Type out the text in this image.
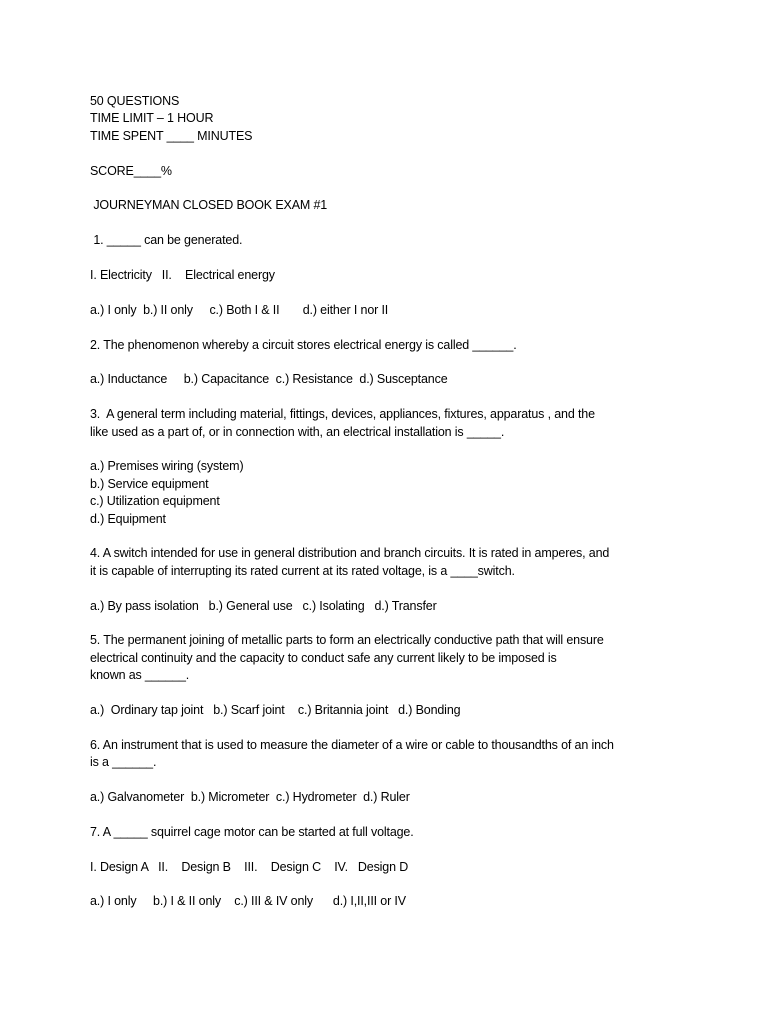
50 QUESTIONS

TIME LIMIT – 1 HOUR

TIME SPENT ____ MINUTES

SCORE____%

JOURNEYMAN CLOSED BOOK EXAM #1

1. _____ can be generated.

I. Electricity   II.    Electrical energy

a.) I only  b.) II only     c.) Both I & II       d.) either I nor II

2. The phenomenon whereby a circuit stores electrical energy is called ______.

a.) Inductance     b.) Capacitance  c.) Resistance  d.) Susceptance

3.  A general term including material, fittings, devices, appliances, fixtures, apparatus , and the

like used as a part of, or in connection with, an electrical installation is _____.

a.) Premises wiring (system)

b.) Service equipment

c.) Utilization equipment

d.) Equipment

4. A switch intended for use in general distribution and branch circuits. It is rated in amperes, and

it is capable of interrupting its rated current at its rated voltage, is a ____switch.

a.) By pass isolation   b.) General use   c.) Isolating   d.) Transfer

5. The permanent joining of metallic parts to form an electrically conductive path that will ensure

electrical continuity and the capacity to conduct safe any current likely to be imposed is

known as ______.

a.)  Ordinary tap joint   b.) Scarf joint    c.) Britannia joint   d.) Bonding

6. An instrument that is used to measure the diameter of a wire or cable to thousandths of an inch

is a ______.

a.) Galvanometer  b.) Micrometer  c.) Hydrometer  d.) Ruler

7. A _____ squirrel cage motor can be started at full voltage.

I. Design A   II.    Design B    III.    Design C    IV.   Design D

a.) I only     b.) I & II only    c.) III & IV only      d.) I,II,III or IV
